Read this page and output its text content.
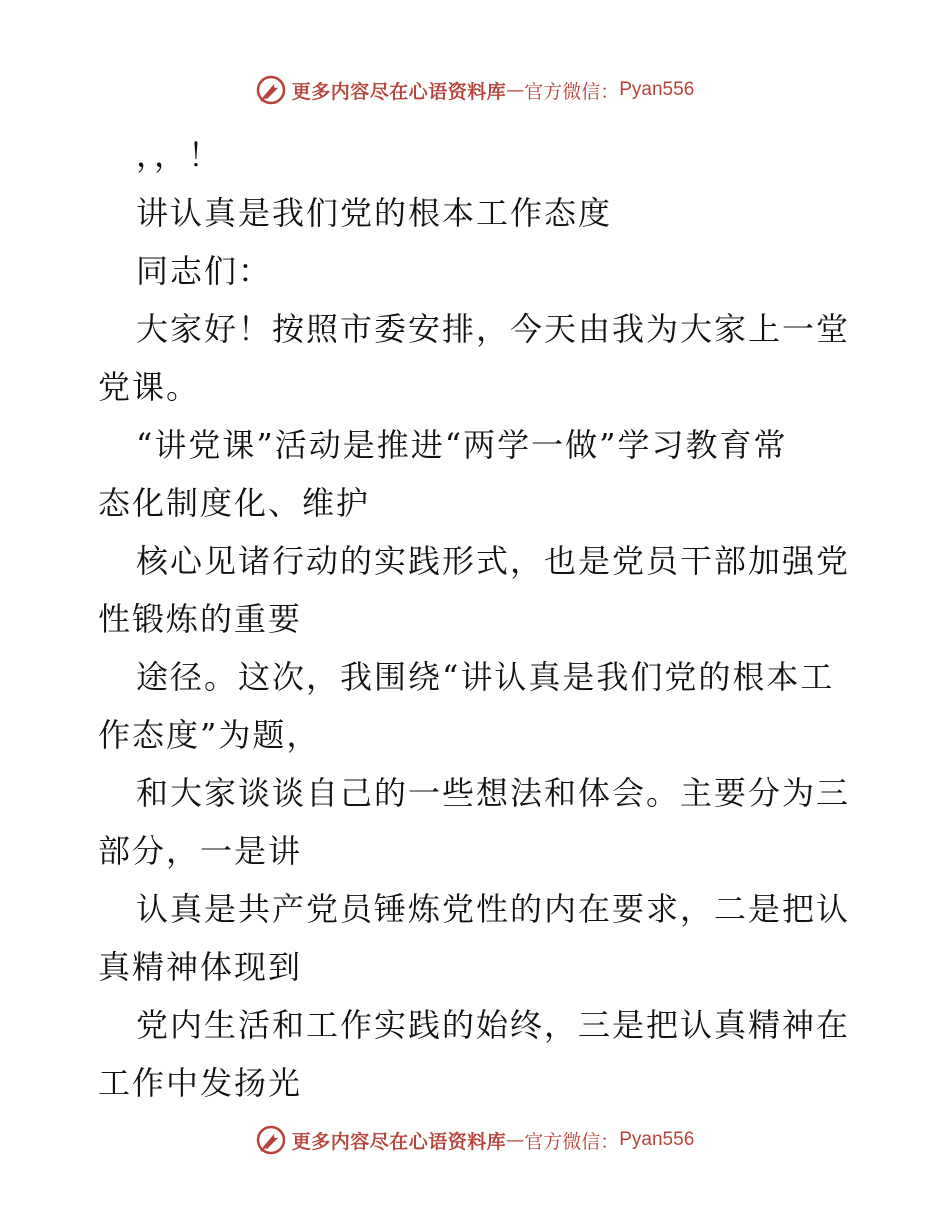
更多内容尽在心语资料库 — 官方微信： Pyan556
，，！
讲认真是我们党的根本工作态度
同志们：
大家好！按照市委安排，今天由我为大家上一堂
党课。
“讲党课”活动是推进“两学一做”学习教育常
态化制度化、维护
核心见诸行动的实践形式，也是党员干部加强党
性锻炼的重要
途径。这次，我围绕“讲认真是我们党的根本工
作态度”为题，
和大家谈谈自己的一些想法和体会。主要分为三
部分，一是讲
认真是共产党员锤炼党性的内在要求，二是把认
真精神体现到
党内生活和工作实践的始终，三是把认真精神在
工作中发扬光
更多内容尽在心语资料库 — 官方微信： Pyan556
